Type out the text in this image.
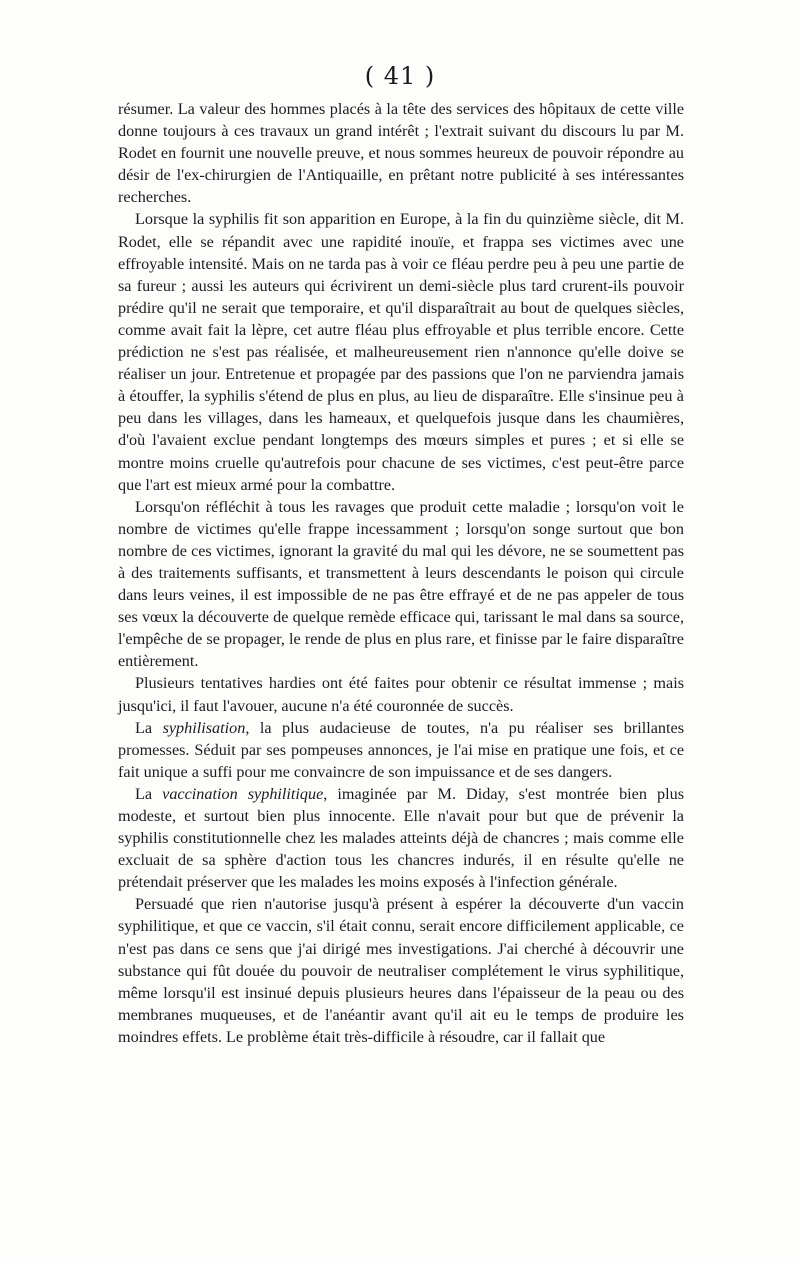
( 41 )

résumer. La valeur des hommes placés à la tête des services des hôpitaux de cette ville donne toujours à ces travaux un grand intérêt ; l'extrait suivant du discours lu par M. Rodet en fournit une nouvelle preuve, et nous sommes heureux de pouvoir répondre au désir de l'ex-chirurgien de l'Antiquaille, en prêtant notre publicité à ses intéressantes recherches.

Lorsque la syphilis fit son apparition en Europe, à la fin du quinzième siècle, dit M. Rodet, elle se répandit avec une rapidité inouïe, et frappa ses victimes avec une effroyable intensité. Mais on ne tarda pas à voir ce fléau perdre peu à peu une partie de sa fureur ; aussi les auteurs qui écrivirent un demi-siècle plus tard crurent-ils pouvoir prédire qu'il ne serait que temporaire, et qu'il disparaîtrait au bout de quelques siècles, comme avait fait la lèpre, cet autre fléau plus effroyable et plus terrible encore. Cette prédiction ne s'est pas réalisée, et malheureusement rien n'annonce qu'elle doive se réaliser un jour. Entretenue et propagée par des passions que l'on ne parviendra jamais à étouffer, la syphilis s'étend de plus en plus, au lieu de disparaître. Elle s'insinue peu à peu dans les villages, dans les hameaux, et quelquefois jusque dans les chaumières, d'où l'avaient exclue pendant longtemps des mœurs simples et pures ; et si elle se montre moins cruelle qu'autrefois pour chacune de ses victimes, c'est peut-être parce que l'art est mieux armé pour la combattre.

Lorsqu'on réfléchit à tous les ravages que produit cette maladie ; lorsqu'on voit le nombre de victimes qu'elle frappe incessamment ; lorsqu'on songe surtout que bon nombre de ces victimes, ignorant la gravité du mal qui les dévore, ne se soumettent pas à des traitements suffisants, et transmettent à leurs descendants le poison qui circule dans leurs veines, il est impossible de ne pas être effrayé et de ne pas appeler de tous ses vœux la découverte de quelque remède efficace qui, tarissant le mal dans sa source, l'empêche de se propager, le rende de plus en plus rare, et finisse par le faire disparaître entièrement.

Plusieurs tentatives hardies ont été faites pour obtenir ce résultat immense ; mais jusqu'ici, il faut l'avouer, aucune n'a été couronnée de succès.

La syphilisation, la plus audacieuse de toutes, n'a pu réaliser ses brillantes promesses. Séduit par ses pompeuses annonces, je l'ai mise en pratique une fois, et ce fait unique a suffi pour me convaincre de son impuissance et de ses dangers.

La vaccination syphilitique, imaginée par M. Diday, s'est montrée bien plus modeste, et surtout bien plus innocente. Elle n'avait pour but que de prévenir la syphilis constitutionnelle chez les malades atteints déjà de chancres ; mais comme elle excluait de sa sphère d'action tous les chancres indurés, il en résulte qu'elle ne prétendait préserver que les malades les moins exposés à l'infection générale.

Persuadé que rien n'autorise jusqu'à présent à espérer la découverte d'un vaccin syphilitique, et que ce vaccin, s'il était connu, serait encore difficilement applicable, ce n'est pas dans ce sens que j'ai dirigé mes investigations. J'ai cherché à découvrir une substance qui fût douée du pouvoir de neutraliser complétement le virus syphilitique, même lorsqu'il est insinué depuis plusieurs heures dans l'épaisseur de la peau ou des membranes muqueuses, et de l'anéantir avant qu'il ait eu le temps de produire les moindres effets. Le problème était très-difficile à résoudre, car il fallait que
